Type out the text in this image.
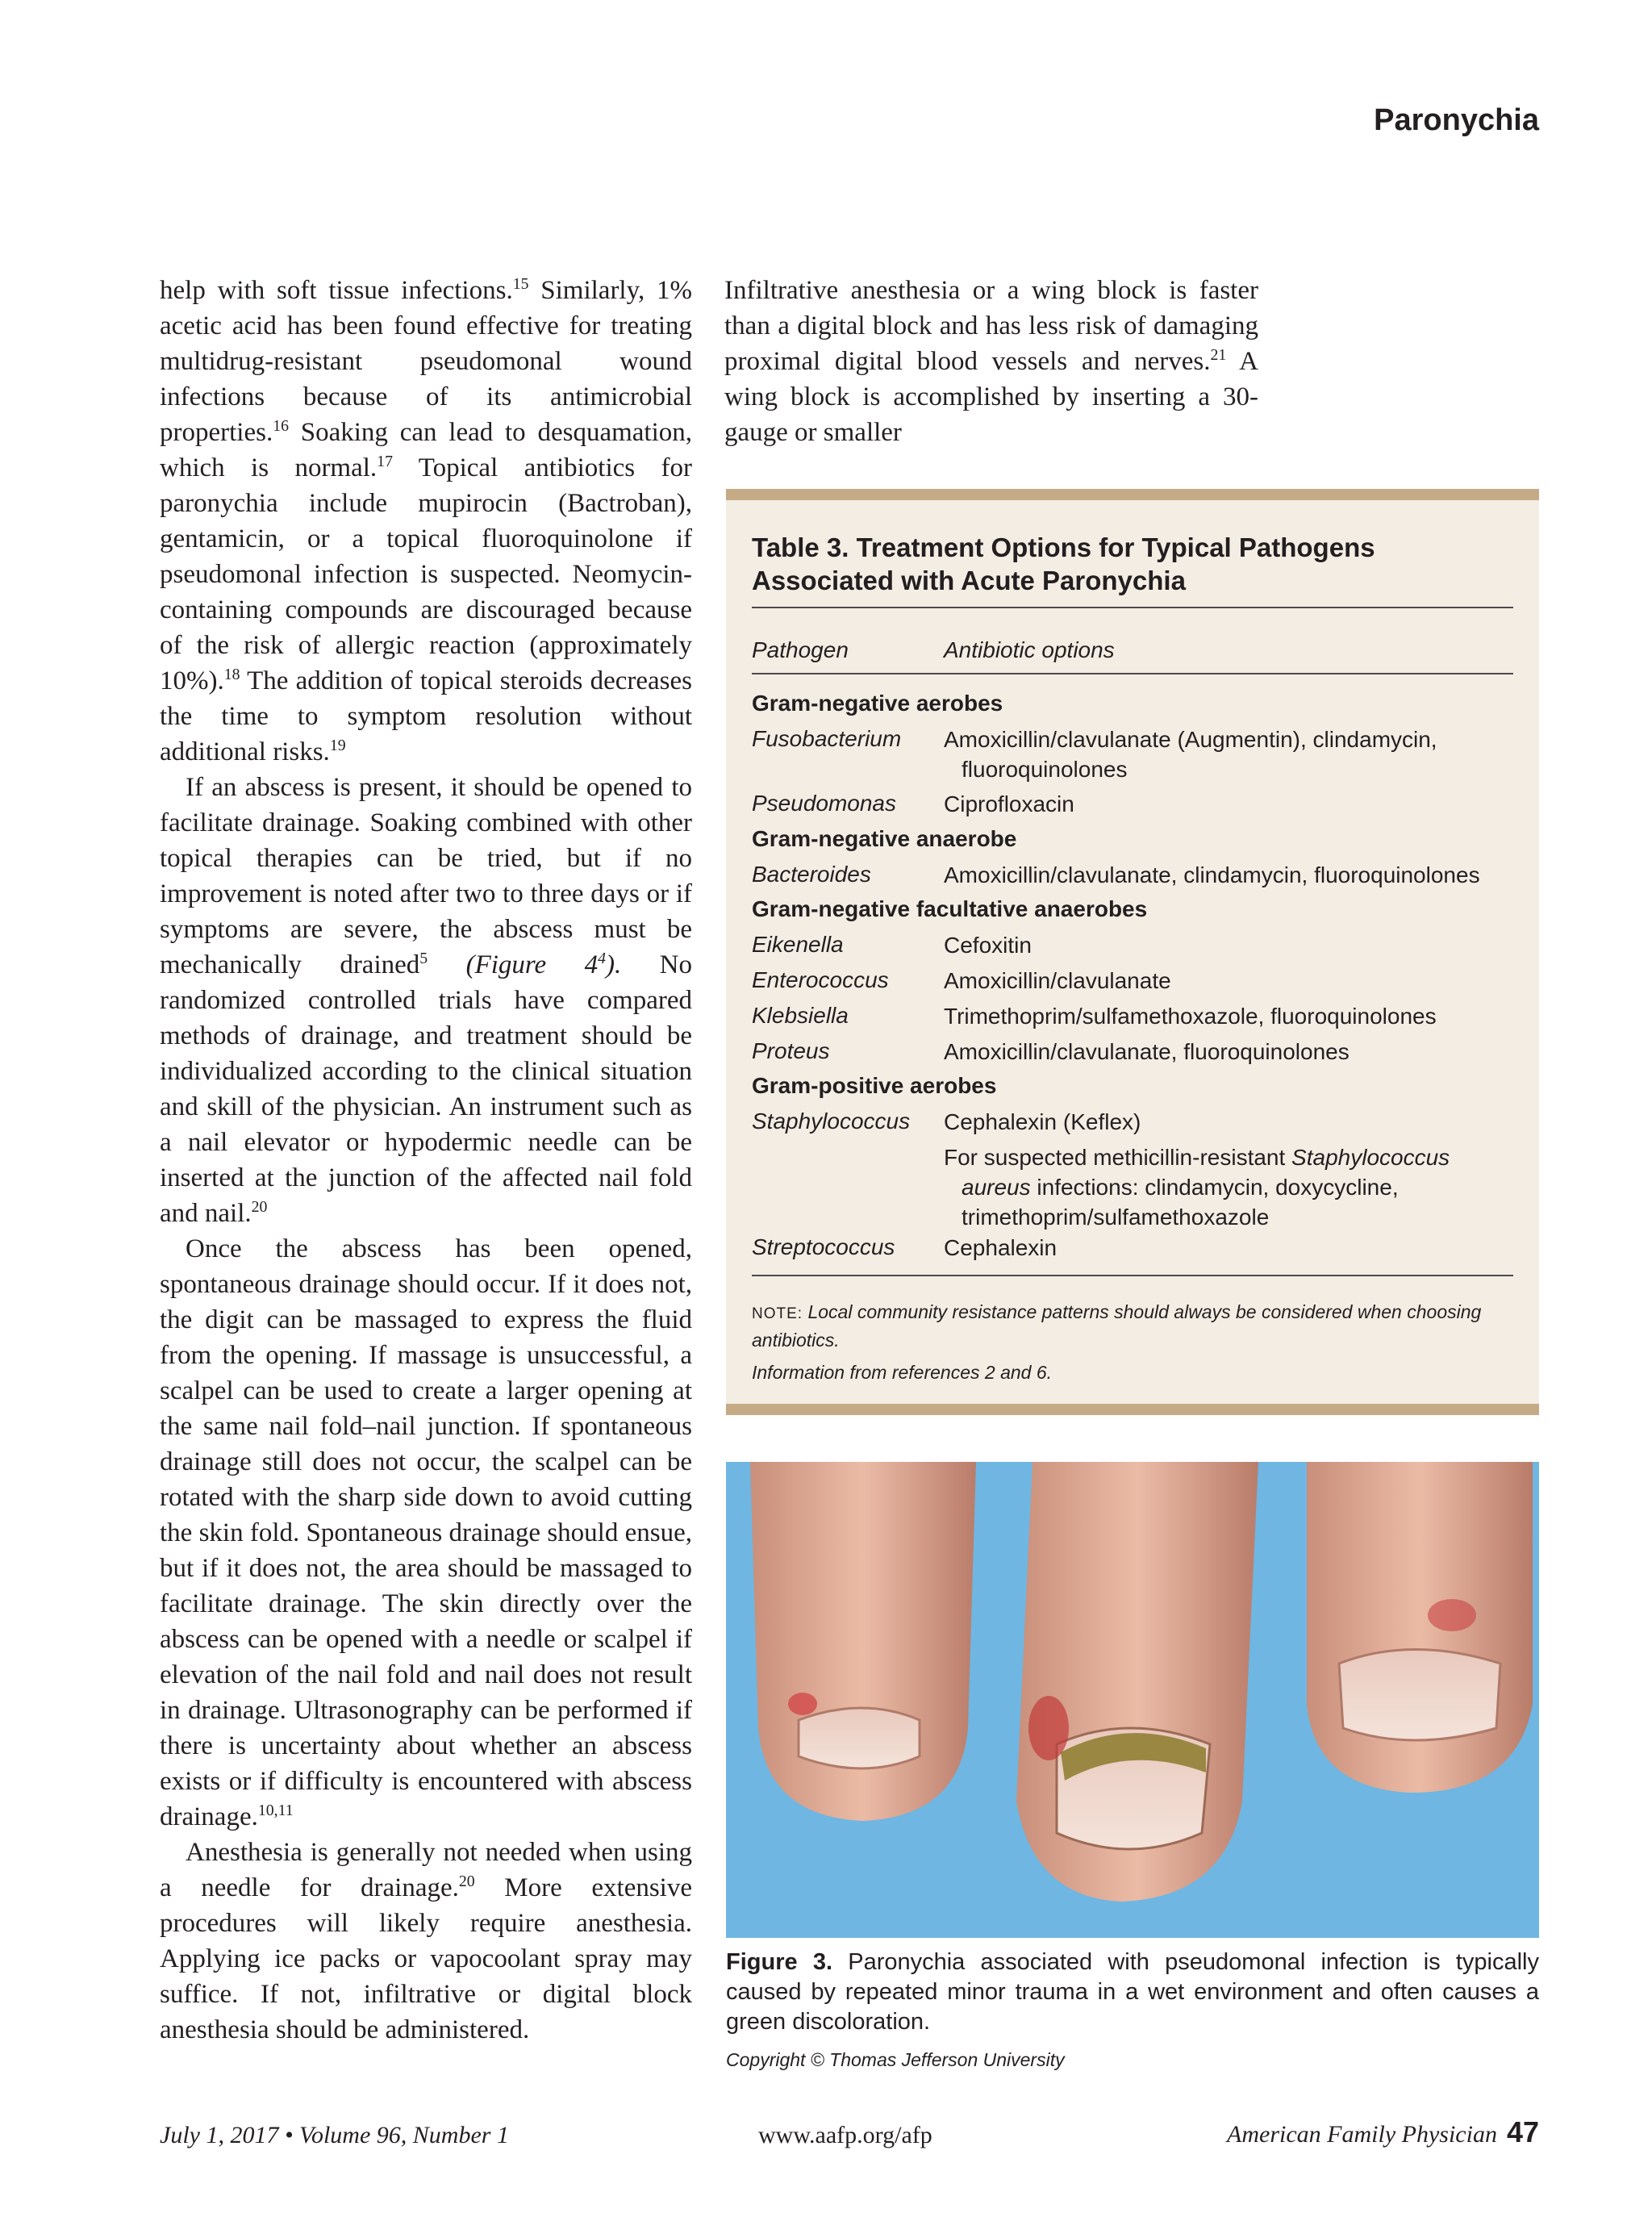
Paronychia

help with soft tissue infections.$^{15}$ Similarly, 1% acetic acid has been found effective for treating multidrug-resistant pseudomonal wound infections because of its antimicrobial properties.$^{16}$ Soaking can lead to desquamation, which is normal.$^{17}$ Topical antibiotics for paronychia include mupirocin (Bactroban), gentamicin, or a topical fluoroquinolone if pseudomonal infection is suspected. Neomycin-containing compounds are discouraged because of the risk of allergic reaction (approximately 10%).$^{18}$ The addition of topical steroids decreases the time to symptom resolution without additional risks.$^{19}$

If an abscess is present, it should be opened to facilitate drainage. Soaking combined with other topical therapies can be tried, but if no improvement is noted after two to three days or if symptoms are severe, the abscess must be mechanically drained$^5$ (Figure $4^4$). No randomized controlled trials have compared methods of drainage, and treatment should be individualized according to the clinical situation and skill of the physician. An instrument such as a nail elevator or hypodermic needle can be inserted at the junction of the affected nail fold and nail.$^{20}$

Once the abscess has been opened, spontaneous drainage should occur. If it does not, the digit can be massaged to express the fluid from the opening. If massage is unsuccessful, a scalpel can be used to create a larger opening at the same nail fold–nail junction. If spontaneous drainage still does not occur, the scalpel can be rotated with the sharp side down to avoid cutting the skin fold. Spontaneous drainage should ensue, but if it does not, the area should be massaged to facilitate drainage. The skin directly over the abscess can be opened with a needle or scalpel if elevation of the nail fold and nail does not result in drainage. Ultrasonography can be performed if there is uncertainty about whether an abscess exists or if difficulty is encountered with abscess drainage.$^{10,11}$

Anesthesia is generally not needed when using a needle for drainage.$^{20}$ More extensive procedures will likely require anesthesia. Applying ice packs or vapocoolant spray may suffice. If not, infiltrative or digital block anesthesia should be administered.

Infiltrative anesthesia or a wing block is faster than a digital block and has less risk of damaging proximal digital blood vessels and nerves.$^{21}$ A wing block is accomplished by inserting a 30-gauge or smaller

Table 3. Treatment Options for Typical Pathogens Associated with Acute Paronychia
Pathogen	Antibiotic options
Gram-negative aerobes
Fusobacterium Amoxicillin/clavulanate (Augmentin), clindamycin,
fluoroquinolones
Pseudomonas Ciprofloxacin
Gram-negative anaerobe
Bacteroides	Amoxicillin/clavulanate, clindamycin, fluoroquinolones
Gram-negative facultative anaerobes
Eikenella	Cefoxitin
Enterococcus Amoxicillin/clavulanate
Klebsiella	Trimethoprim/sulfamethoxazole, fluoroquinolones
Proteus	Amoxicillin/clavulanate, fluoroquinolones
Gram-positive aerobes
Staphylococcus Cephalexin (Keflex)
For suspected methicillin-resistant Staphylococcus
aureus infections: clindamycin, doxycycline,
trimethoprim/sulfamethoxazole
Streptococcus Cephalexin
NOTE: Local community resistance patterns should always be considered when choosing antibiotics.
Information from references 2 and 6.
Figure 3. Paronychia associated with pseudomonal infection is typically caused by repeated minor trauma in a wet environment and often causes a green discoloration.
Copyright © Thomas Jefferson University
July 1, 2017 • Volume 96, Number 1	www.aafp.org/afp	American Family Physician 47
